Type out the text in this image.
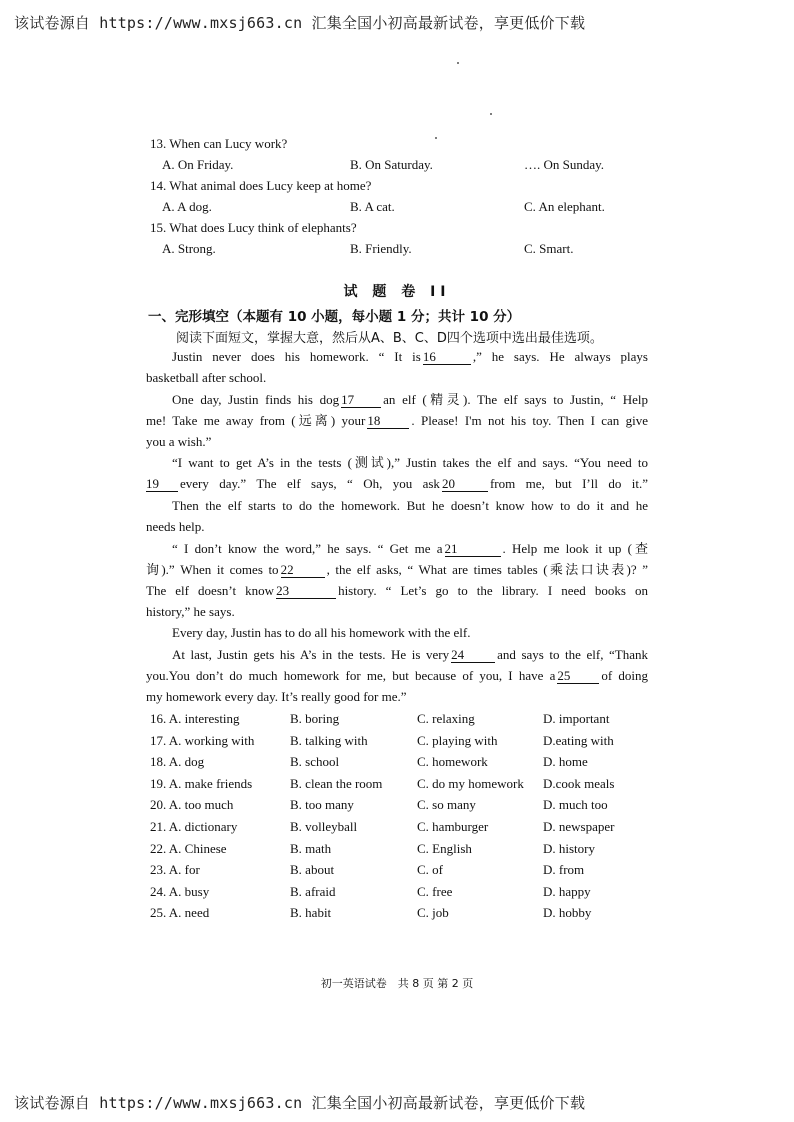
该试卷源自 https://www.mxsj663.cn 汇集全国小初高最新试卷，享更低价下载
13. When can Lucy work?
A. On Friday.	B. On Saturday.	…. On Sunday.
14. What animal does Lucy keep at home?
A. A dog.	B. A cat.	C. An elephant.
15. What does Lucy think of elephants?
A. Strong.	B. Friendly.	C. Smart.
试 题 卷 II
一、完形填空（本题有 10 小题，每小题 1 分；共计 10 分）
阅读下面短文，掌握大意，然后从A、B、C、D四个选项中选出最佳选项。
Justin never does his homework. “ It is 16	,” he says. He always plays
basketball after school.
One day, Justin finds his dog 17 an elf (精灵). The elf says to Justin, “ Help
me! Take me away from (远离) your 18 . Please! I'm not his toy. Then I can give
you a wish.”
“I want to get A’s in the tests (测试),” Justin takes the elf and says. “You need to
19 every day.” The elf says, “ Oh, you ask 20	from me, but I’ll do it.”
Then the elf starts to do the homework. But he doesn’t know how to do it and he
needs help.
“ I don’t know the word,” he says. “ Get me a 21	. Help me look it up (查
询).” When it comes to 22	, the elf asks, “ What are times tables (乘法口诀表)? ”
The elf doesn’t know 23	history. “ Let’s go to the library. I need books on
history,” he says.
Every day, Justin has to do all his homework with the elf.
At last, Justin gets his A’s in the tests. He is very 24	and says to the elf, “Thank
you.You don’t do much homework for me, but because of you, I have a 25 of doing
my homework every day. It’s really good for me.”
16. A. interesting	B. boring	C. relaxing	D. important
17. A. working with	B. talking with	C. playing with	D.eating with
18. A. dog	B. school	C. homework	D. home
19. A. make friends	B. clean the room	C. do my homework D.cook meals
20. A. too much	B. too many	C. so many	D. much too
21. A. dictionary	B. volleyball	C. hamburger	D. newspaper
22. A. Chinese	B. math	C. English	D. history
23. A. for	B. about	C. of	D. from
24. A. busy	B. afraid	C. free	D. happy
25. A. need	B. habit	C. job	D. hobby
初一英语试卷　共 8 页 第 2 页
该试卷源自 https://www.mxsj663.cn 汇集全国小初高最新试卷，享更低价下载
